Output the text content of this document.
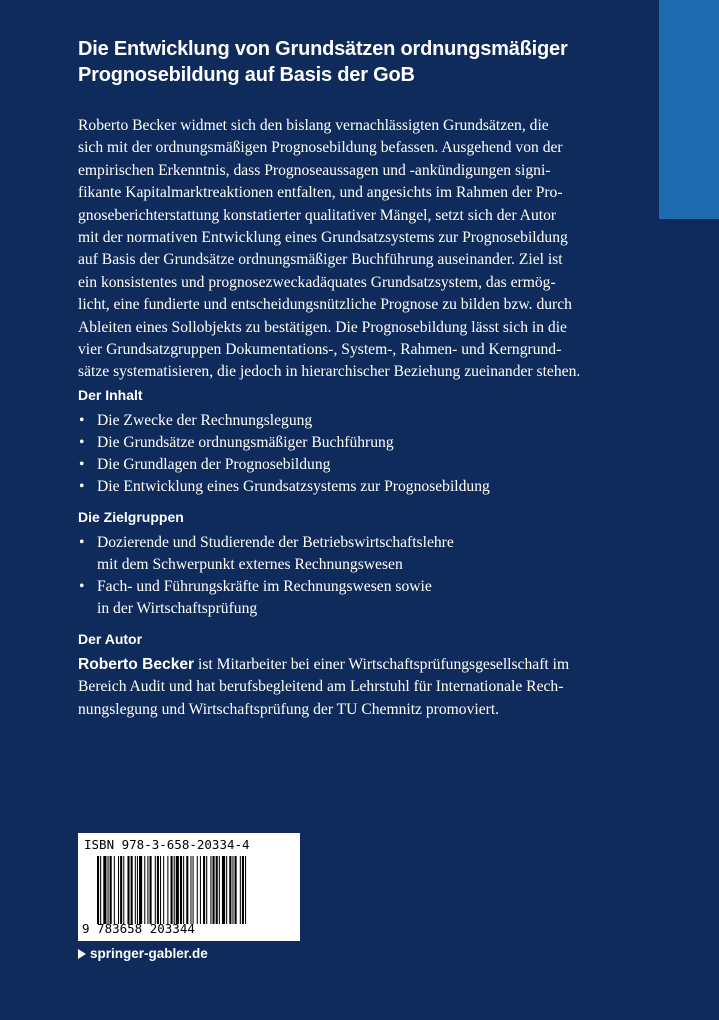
Die Entwicklung von Grundsätzen ordnungsmäßiger
Prognosebildung auf Basis der GoB

Roberto Becker widmet sich den bislang vernachlässigten Grundsätzen, die
sich mit der ordnungsmäßigen Prognosebildung befassen. Ausgehend von der
empirischen Erkenntnis, dass Prognoseaussagen und -ankündigungen signi-
fikante Kapitalmarktreaktionen entfalten, und angesichts im Rahmen der Pro-
gnoseberichterstattung konstatierter qualitativer Mängel, setzt sich der Autor
mit der normativen Entwicklung eines Grundsatzsystems zur Prognosebildung
auf Basis der Grundsätze ordnungsmäßiger Buchführung auseinander. Ziel ist
ein konsistentes und prognosezweckadäquates Grundsatzsystem, das ermög-
licht, eine fundierte und entscheidungsnützliche Prognose zu bilden bzw. durch
Ableiten eines Sollobjekts zu bestätigen. Die Prognosebildung lässt sich in die
vier Grundsatzgruppen Dokumentations-, System-, Rahmen- und Kerngrund-
sätze systematisieren, die jedoch in hierarchischer Beziehung zueinander stehen.

Der Inhalt
• Die Zwecke der Rechnungslegung
• Die Grundsätze ordnungsmäßiger Buchführung
• Die Grundlagen der Prognosebildung
• Die Entwicklung eines Grundsatzsystems zur Prognosebildung
Die Zielgruppen
• Dozierende und Studierende der Betriebswirtschaftslehre
mit dem Schwerpunkt externes Rechnungswesen
• Fach- und Führungskräfte im Rechnungswesen sowie
in der Wirtschaftsprüfung
Der Autor

Roberto Becker ist Mitarbeiter bei einer Wirtschaftsprüfungsgesellschaft im
Bereich Audit und hat berufsbegleitend am Lehrstuhl für Internationale Rech-
nungslegung und Wirtschaftsprüfung der TU Chemnitz promoviert.

ISBN 978-3-658-20334-4
9 783658 203344
springer-gabler.de
